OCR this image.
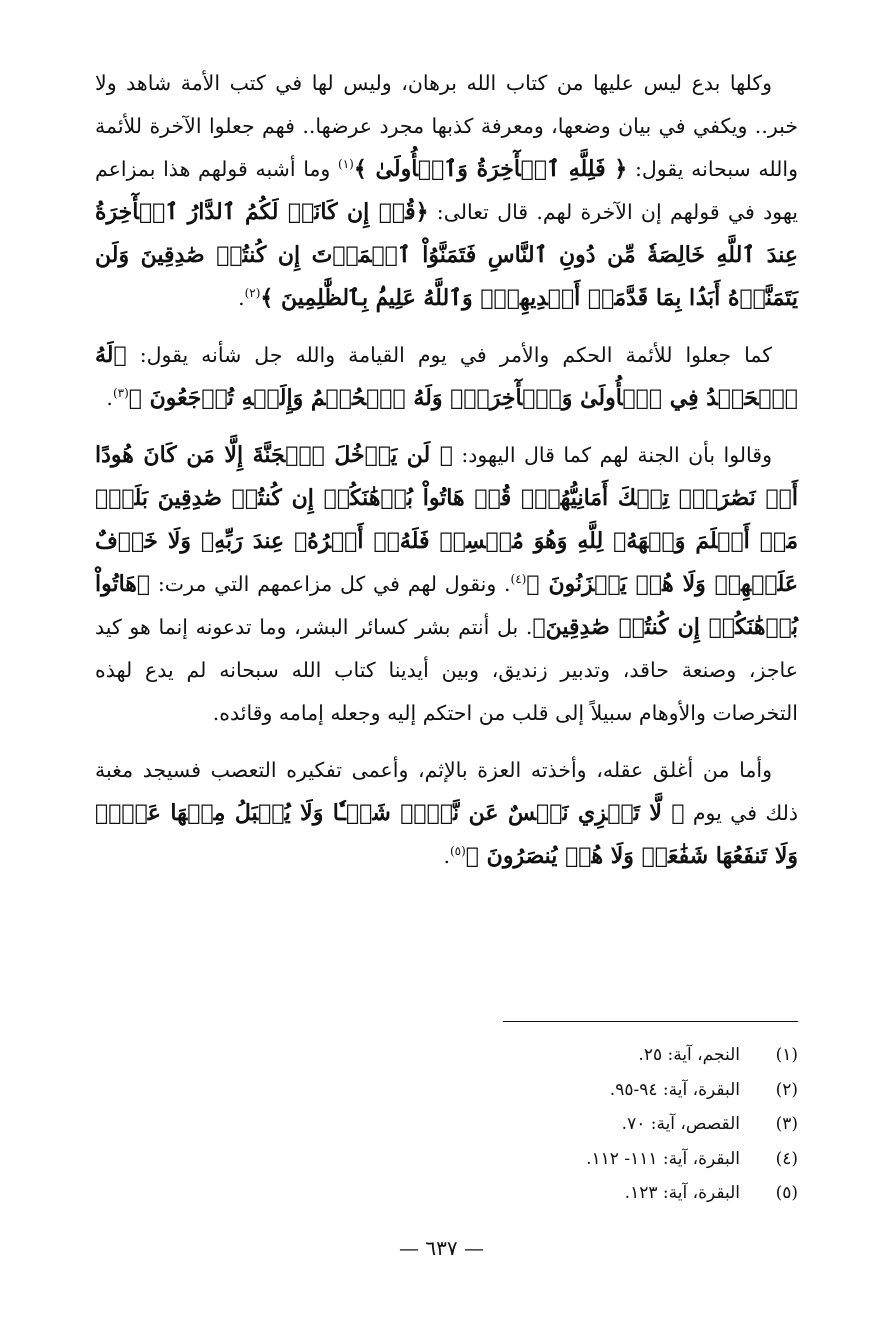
وكلها بدع ليس عليها من كتاب الله برهان، وليس لها في كتب الأمة شاهد ولا خبر.. ويكفي في بيان وضعها، ومعرفة كذبها مجرد عرضها.. فهم جعلوا الآخرة للأئمة والله سبحانه يقول: ﴿ فَلِلَّهِ ٱلۡأٓخِرَةُ وَٱلۡأُولَىٰ ﴾$^{(١)}$ وما أشبه قولهم هذا بمزاعم يهود في قولهم إن الآخرة لهم. قال تعالى: ﴿قُلۡ إِن كَانَتۡ لَكُمُ ٱلدَّارُ ٱلۡأٓخِرَةُ عِندَ ٱللَّهِ خَالِصَةٗ مِّن دُونِ ٱلنَّاسِ فَتَمَنَّوُاْ ٱلۡمَوۡتَ إِن كُنتُمۡ صَٰدِقِينَ وَلَن يَتَمَنَّوۡهُ أَبَدَۢا بِمَا قَدَّمَتۡ أَيۡدِيهِمۡۚ وَٱللَّهُ عَلِيمُۢ بِٱلظَّٰلِمِينَ ﴾$^{(٢)}$.

كما جعلوا للأئمة الحكم والأمر في يوم القيامة والله جل شأنه يقول: ﴿لَهُ ٱلۡحَمۡدُ فِي ٱلۡأُولَىٰ وَٱلۡأٓخِرَةِۖ وَلَهُ ٱلۡحُكۡمُ وَإِلَيۡهِ تُرۡجَعُونَ ﴾$^{(٣)}$.

وقالوا بأن الجنة لهم كما قال اليهود: ﴿ لَن يَدۡخُلَ ٱلۡجَنَّةَ إِلَّا مَن كَانَ هُودًا أَوۡ نَصَٰرَىٰۗ تِلۡكَ أَمَانِيُّهُمۡۗ قُلۡ هَاتُواْ بُرۡهَٰنَكُمۡ إِن كُنتُمۡ صَٰدِقِينَ بَلَىٰۚ مَنۡ أَسۡلَمَ وَجۡهَهُۥ لِلَّهِ وَهُوَ مُحۡسِنٞ فَلَهُۥٓ أَجۡرُهُۥ عِندَ رَبِّهِۦ وَلَا خَوۡفٌ عَلَيۡهِمۡ وَلَا هُمۡ يَحۡزَنُونَ ﴾$^{(٤)}$. ونقول لهم في كل مزاعمهم التي مرت: ﴿هَاتُواْ بُرۡهَٰنَكُمۡ إِن كُنتُمۡ صَٰدِقِينَ﴾. بل أنتم بشر كسائر البشر، وما تدعونه إنما هو كيد عاجز، وصنعة حاقد، وتدبير زنديق، وبين أيدينا كتاب الله سبحانه لم يدع لهذه التخرصات والأوهام سبيلاً إلى قلب من احتكم إليه وجعله إمامه وقائده.

وأما من أغلق عقله، وأخذته العزة بالإثم، وأعمى تفكيره التعصب فسيجد مغبة ذلك في يوم ﴿ لَّا تَجۡزِي نَفۡسٌ عَن نَّفۡسٖ شَيۡـٔٗا وَلَا يُقۡبَلُ مِنۡهَا عَدۡلٞ وَلَا تَنفَعُهَا شَفَٰعَةٞ وَلَا هُمۡ يُنصَرُونَ ﴾$^{(٥)}$.

(١)
النجم، آية: ٢٥.
(٢)
البقرة، آية: ٩٤-٩٥.
(٣)
القصص، آية: ٧٠.
(٤)
البقرة، آية: ١١١- ١١٢.
(٥)
البقرة، آية: ١٢٣.
— ٦٣٧ —
